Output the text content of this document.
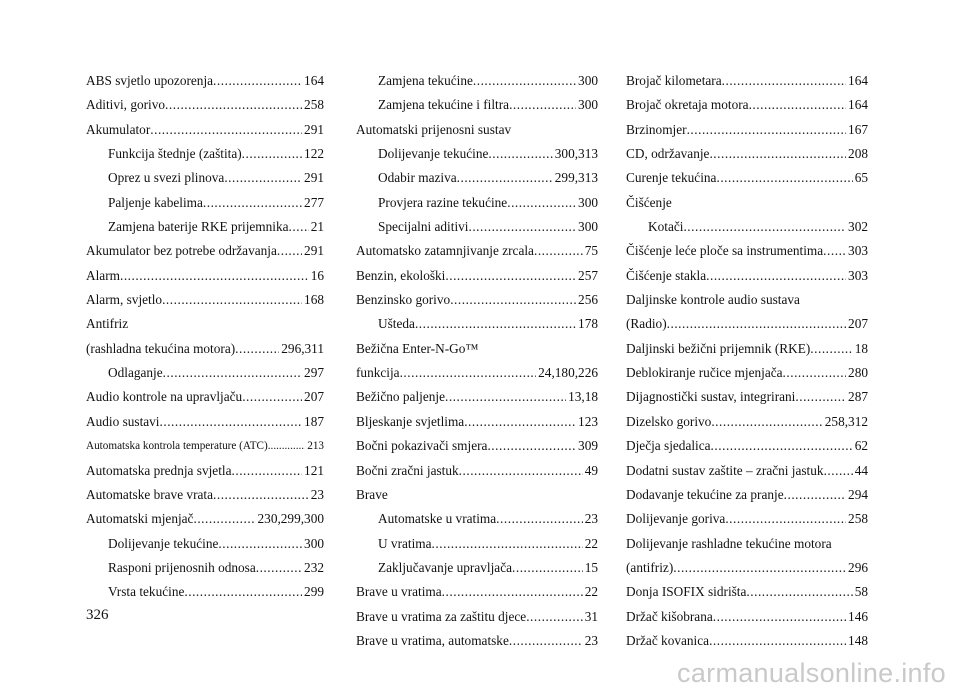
ABS svjetlo upozorenja . . .	164
Aditivi, gorivo . . .	258
Akumulator . . .	291
Funkcija štednje (zaštita) . . .	122
Oprez u svezi plinova . . .	291
Paljenje kabelima . . .	277
Zamjena baterije RKE prijemnika . . . 21
Akumulator bez potrebe održavanja . . . 291
Alarm . . .	16
Alarm, svjetlo . . .	168
Antifriz
(rashladna tekućina motora) . . .	296,311
Odlaganje . . .	297
Audio kontrole na upravljaču . . .	207
Audio sustavi . . .	187
Automatska kontrola temperature (ATC) . . .	213
Automatska prednja svjetla . . .	121
Automatske brave vrata . . .	23
Automatski mjenjač . . .	230,299,300
Dolijevanje tekućine . . .	300
Rasponi prijenosnih odnosa . . .	232
Vrsta tekućine . . .	299
Zamjena tekućine . . .	300
Zamjena tekućine i filtra . . .	300
Automatski prijenosni sustav
Dolijevanje tekućine . . .	300,313
Odabir maziva . . .	299,313
Provjera razine tekućine . . .	300
Specijalni aditivi . . .	300
Automatsko zatamnjivanje zrcala . . .	75
Benzin, ekološki . . .	257
Benzinsko gorivo . . .	256
Ušteda . . .	178
Bežična Enter-N-Go™
funkcija . . .	24,180,226
Bežično paljenje . . .	13,18
Bljeskanje svjetlima . . .	123
Bočni pokazivači smjera . . .	309
Bočni zračni jastuk . . .	49
Brave
Automatske u vratima . . .	23
U vratima . . .	22
Zaključavanje upravljača . . .	15
Brave u vratima . . .	22
Brave u vratima za zaštitu djece . . .	31
Brave u vratima, automatske . . .	23
Brojač kilometara . . .	164
Brojač okretaja motora . . .	164
Brzinomjer . . .	167
CD, održavanje . . .	208
Curenje tekućina . . .	65
Čišćenje
Kotači . . .	302
Čišćenje leće ploče sa instrumentima . . . 303
Čišćenje stakla . . .	303
Daljinske kontrole audio sustava
(Radio) . . .	207
Daljinski bežični prijemnik (RKE) . . .	18
Deblokiranje ručice mjenjača . . .	280
Dijagnostički sustav, integrirani . . .	287
Dizelsko gorivo . . .	258,312
Dječja sjedalica . . .	62
Dodatni sustav zaštite – zračni jastuk . . . 44
Dodavanje tekućine za pranje . . .	294
Dolijevanje goriva . . .	258
Dolijevanje rashladne tekućine motora
(antifriz) . . .	296
Donja ISOFIX sidrišta . . .	58
Držač kišobrana . . .	146
Držač kovanica . . .	148
326
carmanualsonline.info
